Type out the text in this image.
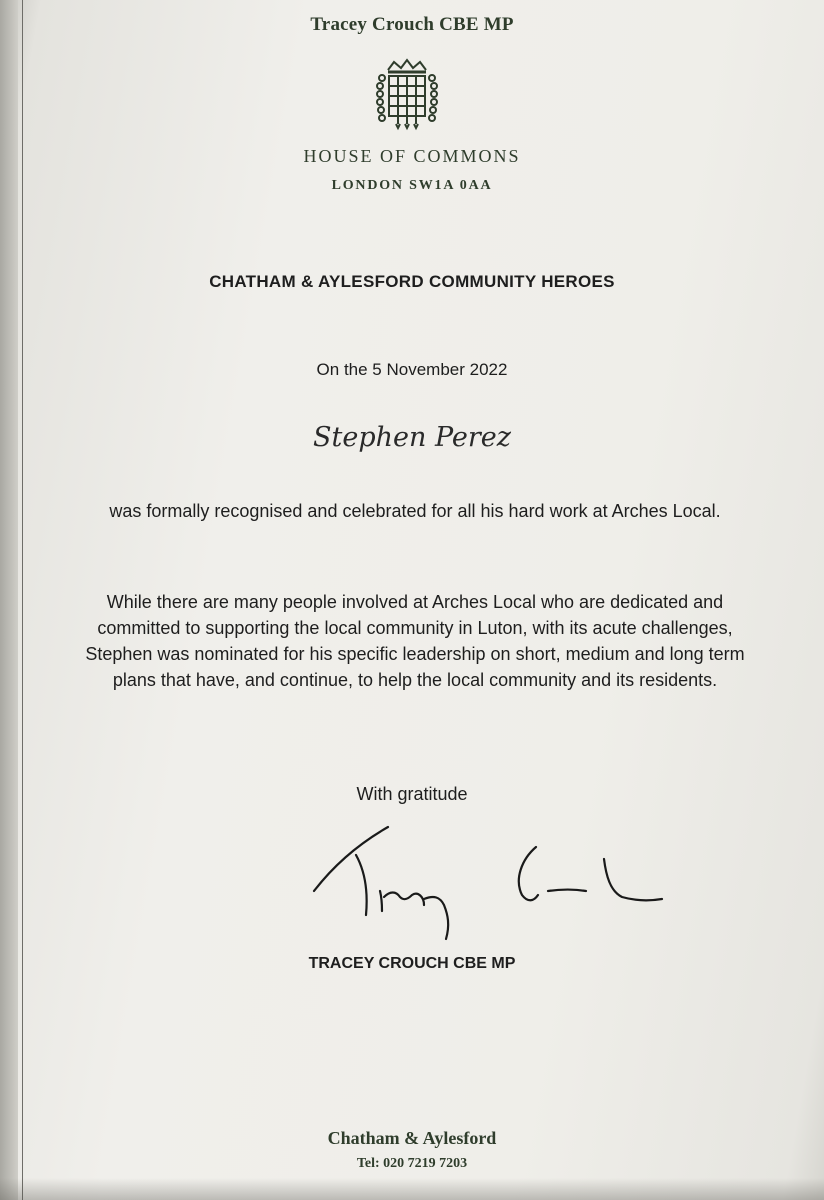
Tracey Crouch CBE MP
HOUSE OF COMMONS
LONDON SW1A 0AA
CHATHAM & AYLESFORD COMMUNITY HEROES
On the 5 November 2022
Stephen Perez
was formally recognised and celebrated for all his hard work at Arches Local.
While there are many people involved at Arches Local who are dedicated and committed to supporting the local community in Luton, with its acute challenges, Stephen was nominated for his specific leadership on short, medium and long term plans that have, and continue, to help the local community and its residents.
With gratitude
TRACEY CROUCH CBE MP
Chatham & Aylesford
Tel: 020 7219 7203
